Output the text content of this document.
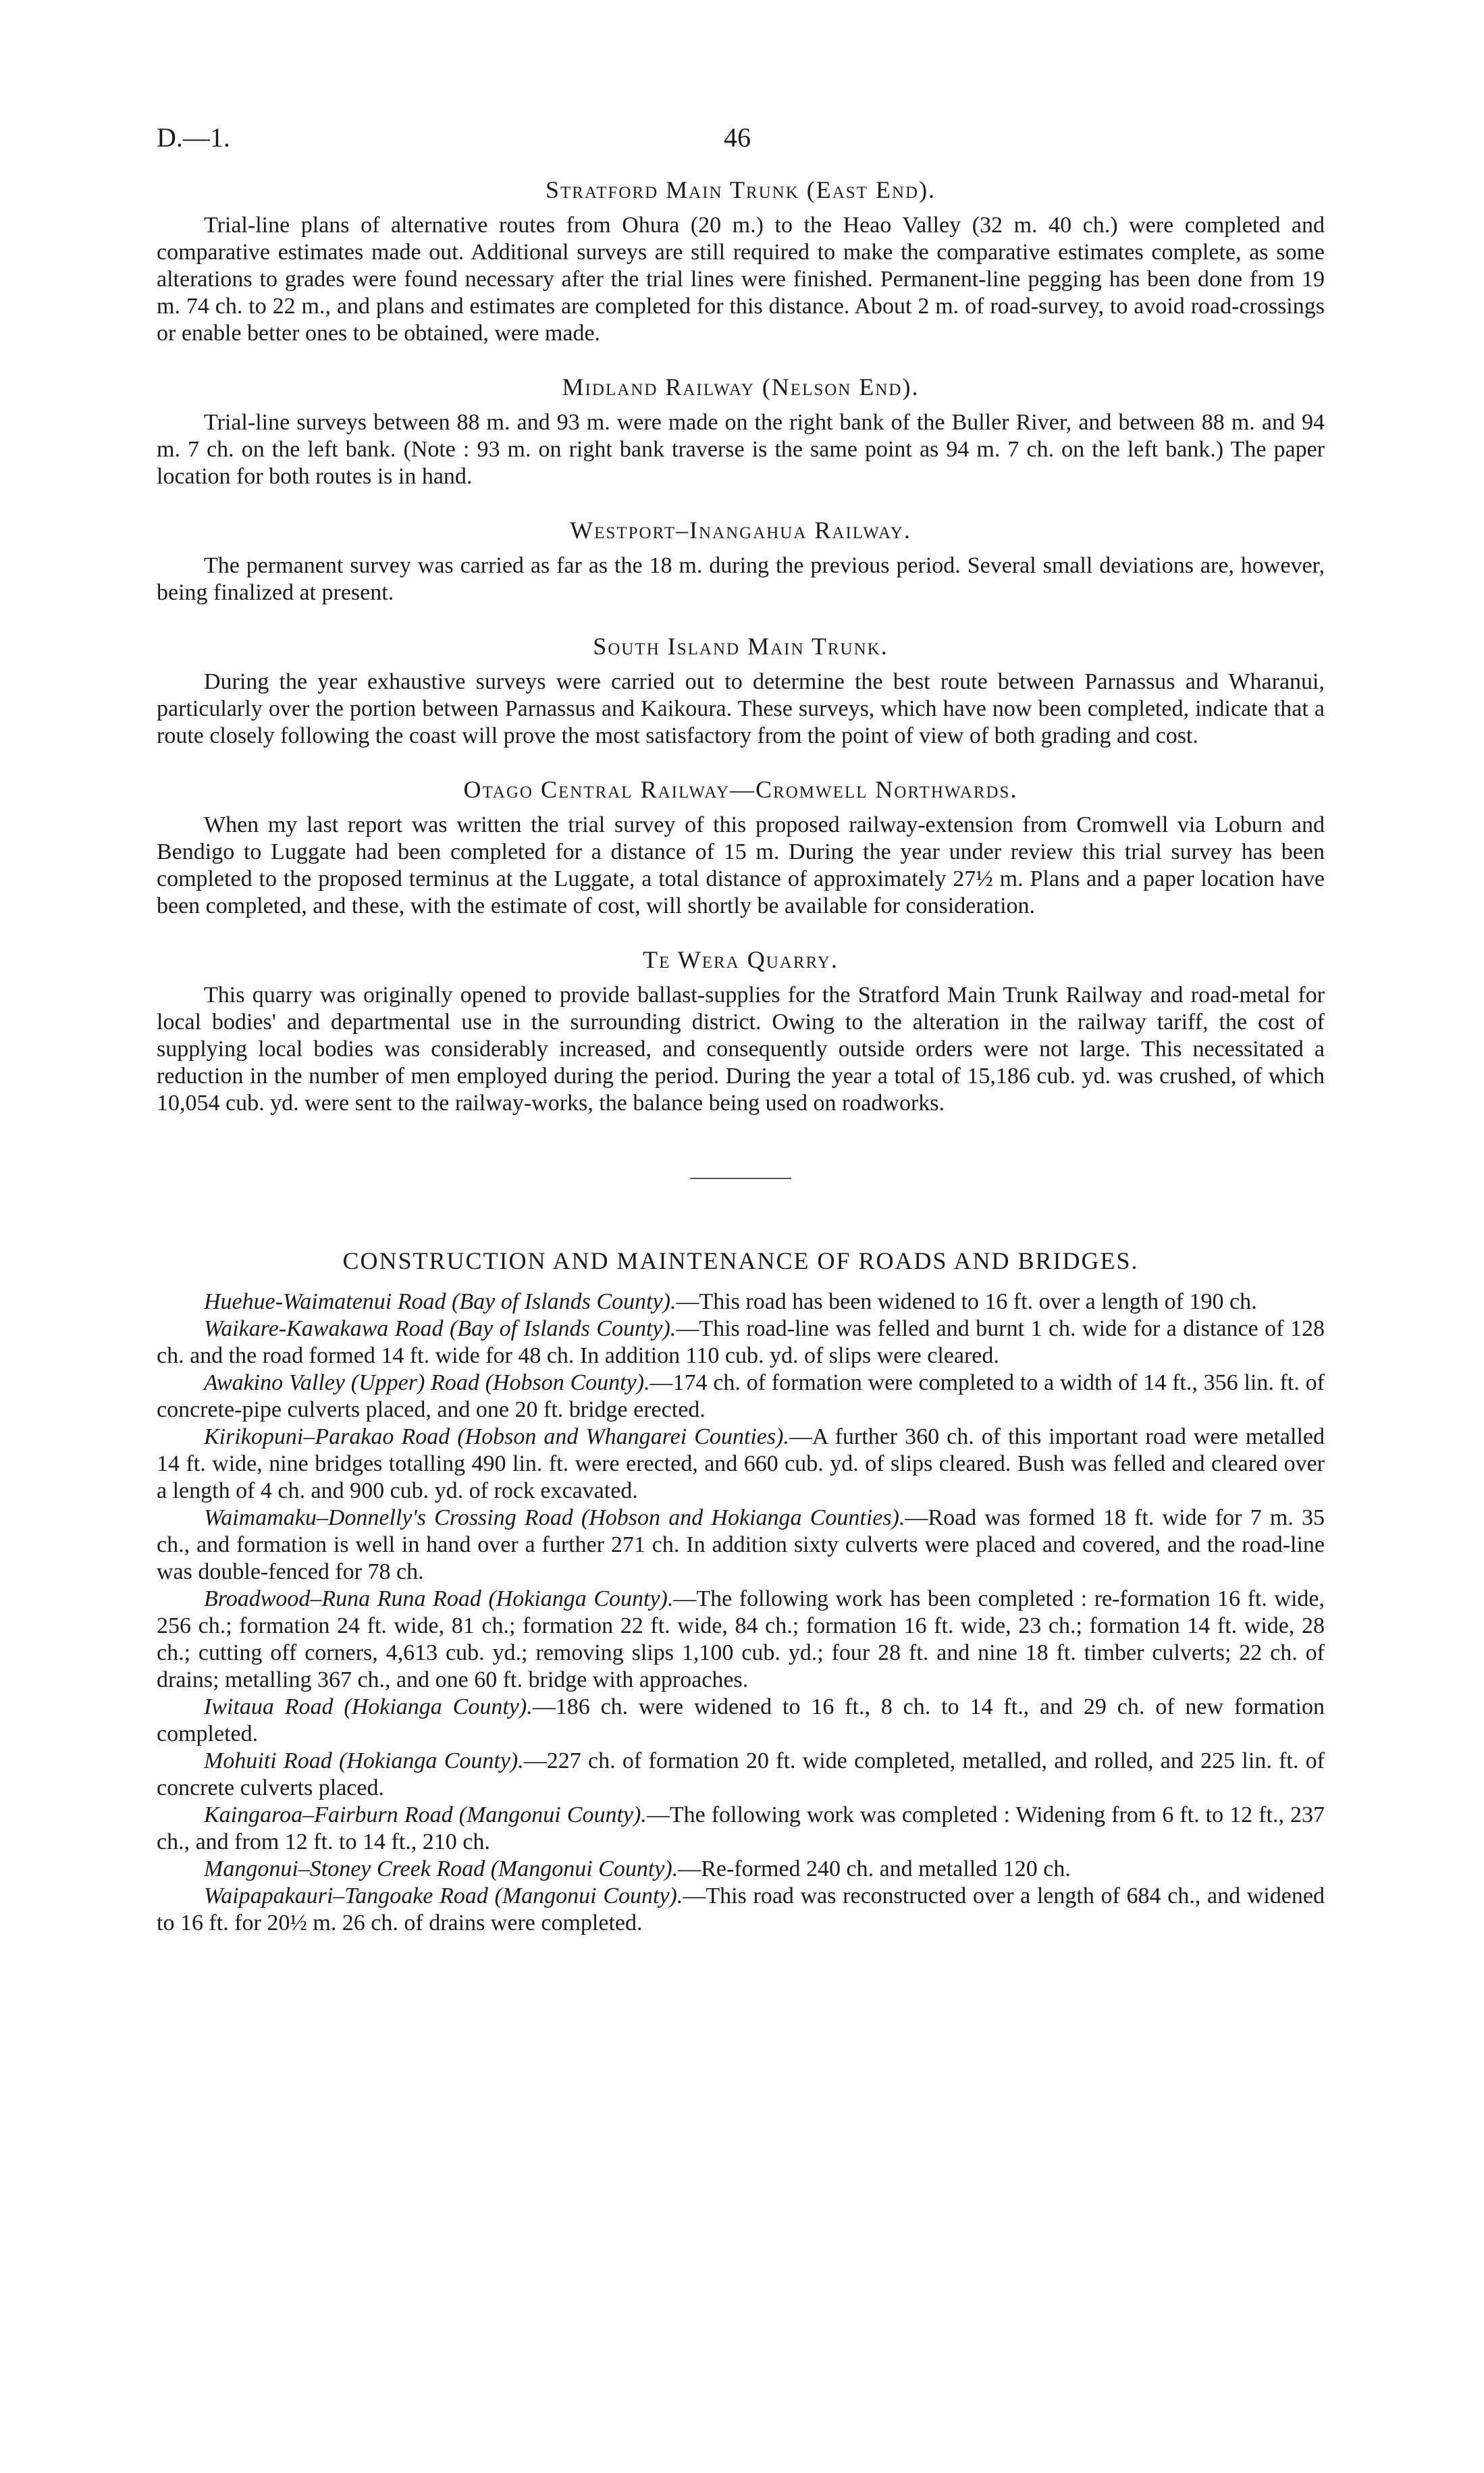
D.—1.	46
Stratford Main Trunk (East End).

Trial-line plans of alternative routes from Ohura (20 m.) to the Heao Valley (32 m. 40 ch.) were completed and comparative estimates made out. Additional surveys are still required to make the comparative estimates complete, as some alterations to grades were found necessary after the trial lines were finished. Permanent-line pegging has been done from 19 m. 74 ch. to 22 m., and plans and estimates are completed for this distance. About 2 m. of road-survey, to avoid road-crossings or enable better ones to be obtained, were made.

Midland Railway (Nelson End).

Trial-line surveys between 88 m. and 93 m. were made on the right bank of the Buller River, and between 88 m. and 94 m. 7 ch. on the left bank. (Note : 93 m. on right bank traverse is the same point as 94 m. 7 ch. on the left bank.) The paper location for both routes is in hand.

Westport–Inangahua Railway.

The permanent survey was carried as far as the 18 m. during the previous period. Several small deviations are, however, being finalized at present.

South Island Main Trunk.

During the year exhaustive surveys were carried out to determine the best route between Parnassus and Wharanui, particularly over the portion between Parnassus and Kaikoura. These surveys, which have now been completed, indicate that a route closely following the coast will prove the most satisfactory from the point of view of both grading and cost.

Otago Central Railway—Cromwell Northwards.

When my last report was written the trial survey of this proposed railway-extension from Cromwell via Loburn and Bendigo to Luggate had been completed for a distance of 15 m. During the year under review this trial survey has been completed to the proposed terminus at the Luggate, a total distance of approximately 27½ m. Plans and a paper location have been completed, and these, with the estimate of cost, will shortly be available for consideration.

Te Wera Quarry.

This quarry was originally opened to provide ballast-supplies for the Stratford Main Trunk Railway and road-metal for local bodies' and departmental use in the surrounding district. Owing to the alteration in the railway tariff, the cost of supplying local bodies was considerably increased, and consequently outside orders were not large. This necessitated a reduction in the number of men employed during the period. During the year a total of 15,186 cub. yd. was crushed, of which 10,054 cub. yd. were sent to the railway-works, the balance being used on roadworks.

CONSTRUCTION AND MAINTENANCE OF ROADS AND BRIDGES.

Huehue-Waimatenui Road (Bay of Islands County).—This road has been widened to 16 ft. over a length of 190 ch.

Waikare-Kawakawa Road (Bay of Islands County).—This road-line was felled and burnt 1 ch. wide for a distance of 128 ch. and the road formed 14 ft. wide for 48 ch. In addition 110 cub. yd. of slips were cleared.

Awakino Valley (Upper) Road (Hobson County).—174 ch. of formation were completed to a width of 14 ft., 356 lin. ft. of concrete-pipe culverts placed, and one 20 ft. bridge erected.

Kirikopuni–Parakao Road (Hobson and Whangarei Counties).—A further 360 ch. of this important road were metalled 14 ft. wide, nine bridges totalling 490 lin. ft. were erected, and 660 cub. yd. of slips cleared. Bush was felled and cleared over a length of 4 ch. and 900 cub. yd. of rock excavated.

Waimamaku–Donnelly's Crossing Road (Hobson and Hokianga Counties).—Road was formed 18 ft. wide for 7 m. 35 ch., and formation is well in hand over a further 271 ch. In addition sixty culverts were placed and covered, and the road-line was double-fenced for 78 ch.

Broadwood–Runa Runa Road (Hokianga County).—The following work has been completed : re-formation 16 ft. wide, 256 ch.; formation 24 ft. wide, 81 ch.; formation 22 ft. wide, 84 ch.; formation 16 ft. wide, 23 ch.; formation 14 ft. wide, 28 ch.; cutting off corners, 4,613 cub. yd.; removing slips 1,100 cub. yd.; four 28 ft. and nine 18 ft. timber culverts; 22 ch. of drains; metalling 367 ch., and one 60 ft. bridge with approaches.

Iwitaua Road (Hokianga County).—186 ch. were widened to 16 ft., 8 ch. to 14 ft., and 29 ch. of new formation completed.

Mohuiti Road (Hokianga County).—227 ch. of formation 20 ft. wide completed, metalled, and rolled, and 225 lin. ft. of concrete culverts placed.

Kaingaroa–Fairburn Road (Mangonui County).—The following work was completed : Widening from 6 ft. to 12 ft., 237 ch., and from 12 ft. to 14 ft., 210 ch.

Mangonui–Stoney Creek Road (Mangonui County).—Re-formed 240 ch. and metalled 120 ch.

Waipapakauri–Tangoake Road (Mangonui County).—This road was reconstructed over a length of 684 ch., and widened to 16 ft. for 20½ m. 26 ch. of drains were completed.
